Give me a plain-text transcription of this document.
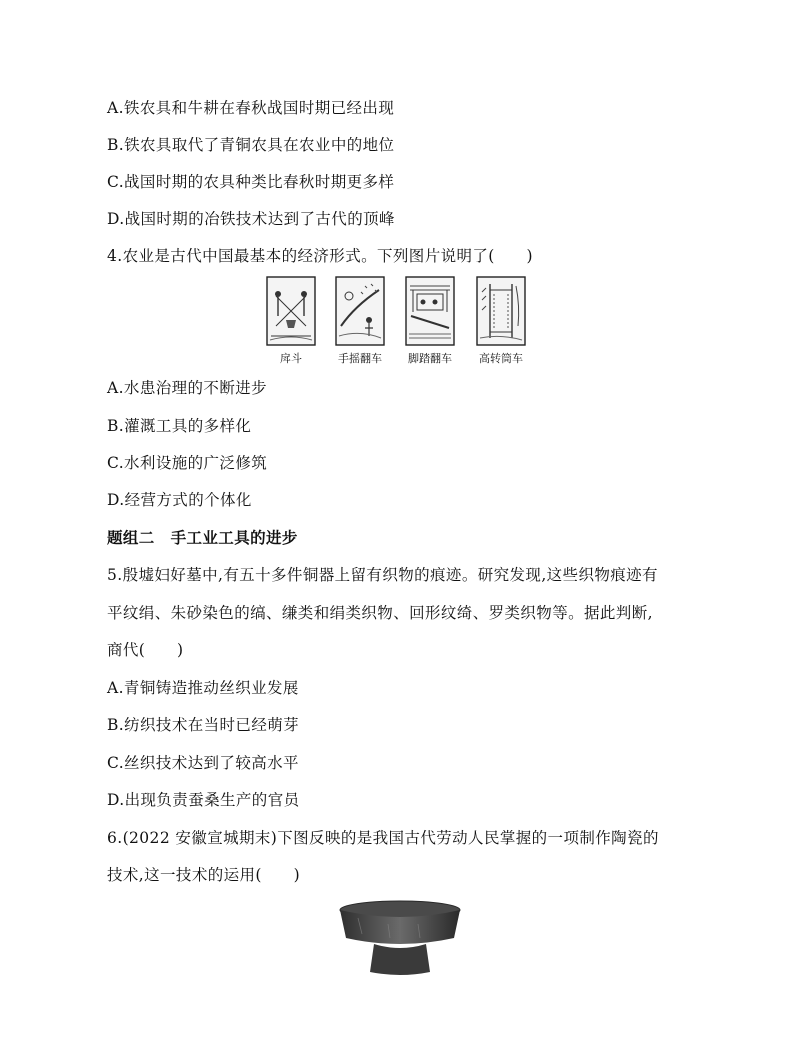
A.铁农具和牛耕在春秋战国时期已经出现
B.铁农具取代了青铜农具在农业中的地位
C.战国时期的农具种类比春秋时期更多样
D.战国时期的冶铁技术达到了古代的顶峰
4.农业是古代中国最基本的经济形式。下列图片说明了(　　)
戽斗	手摇翻车	脚踏翻车	高转筒车
A.水患治理的不断进步
B.灌溉工具的多样化
C.水利设施的广泛修筑
D.经营方式的个体化
题组二　手工业工具的进步
5.殷墟妇好墓中,有五十多件铜器上留有织物的痕迹。研究发现,这些织物痕迹有
平纹绢、朱砂染色的缟、缣类和绢类织物、回形纹绮、罗类织物等。据此判断,
商代(　　)
A.青铜铸造推动丝织业发展
B.纺织技术在当时已经萌芽
C.丝织技术达到了较高水平
D.出现负责蚕桑生产的官员
6.(2022 安徽宣城期末)下图反映的是我国古代劳动人民掌握的一项制作陶瓷的
技术,这一技术的运用(　　)
